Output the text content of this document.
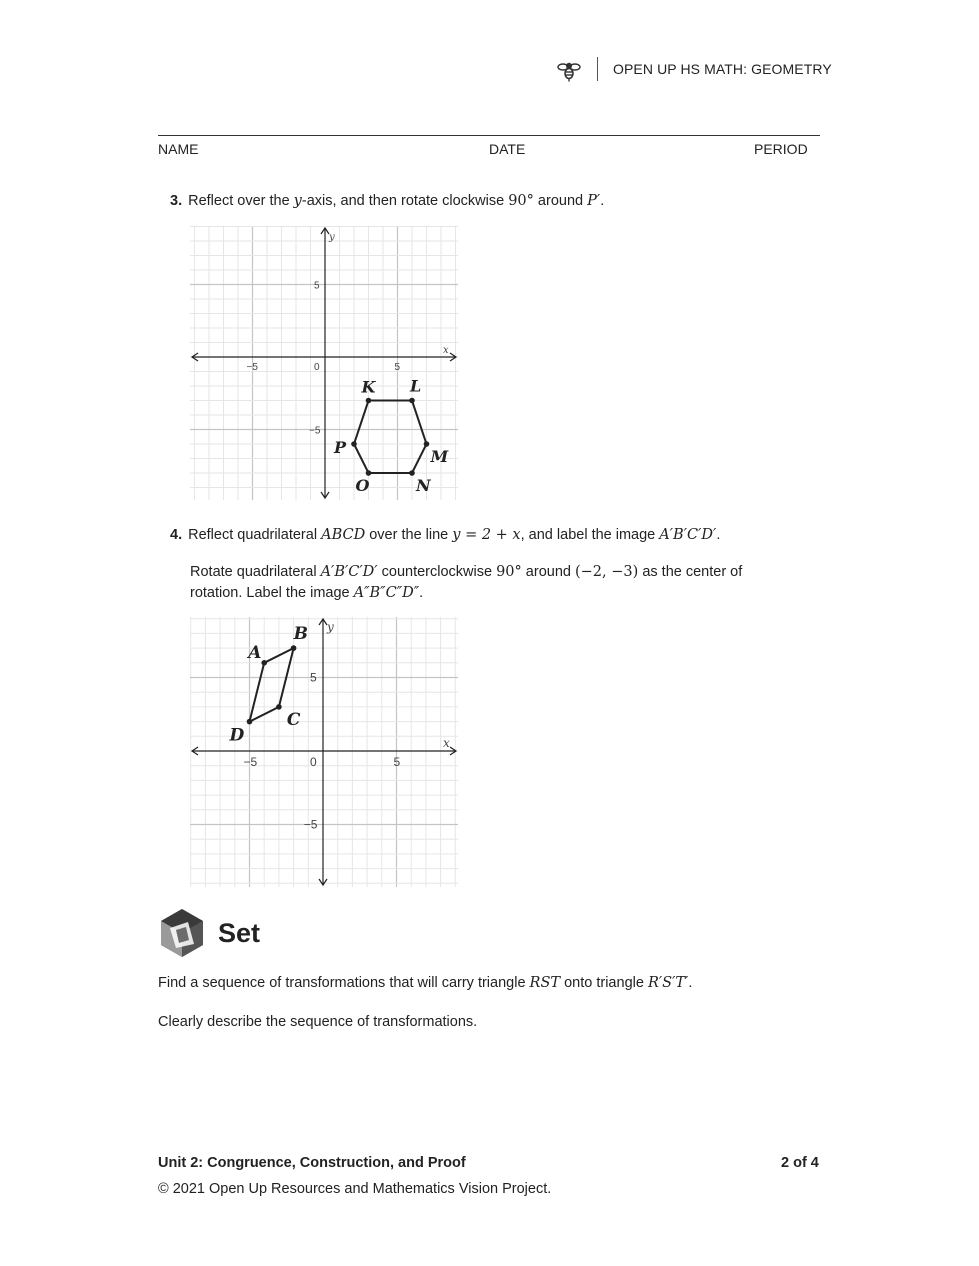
OPEN UP HS MATH: GEOMETRY
NAME	DATE	PERIOD
3. Reflect over the y-axis, and then rotate clockwise 90° around P′.
x
y
−5	0	5
5
−5
K L
M
N
O
P
4. Reflect quadrilateral ABCD over the line y = 2 + x, and label the image A′B′C′D′.
Rotate quadrilateral A′B′C′D′ counterclockwise 90° around (−2, −3) as the center of
rotation. Label the image A″B″C″D″.
x
y
−5	0	5
5
−5
A
B
C
D
Set
Find a sequence of transformations that will carry triangle RST onto triangle R′S′T′.
Clearly describe the sequence of transformations.
Unit 2: Congruence, Construction, and Proof	2 of 4
© 2021 Open Up Resources and Mathematics Vision Project.
